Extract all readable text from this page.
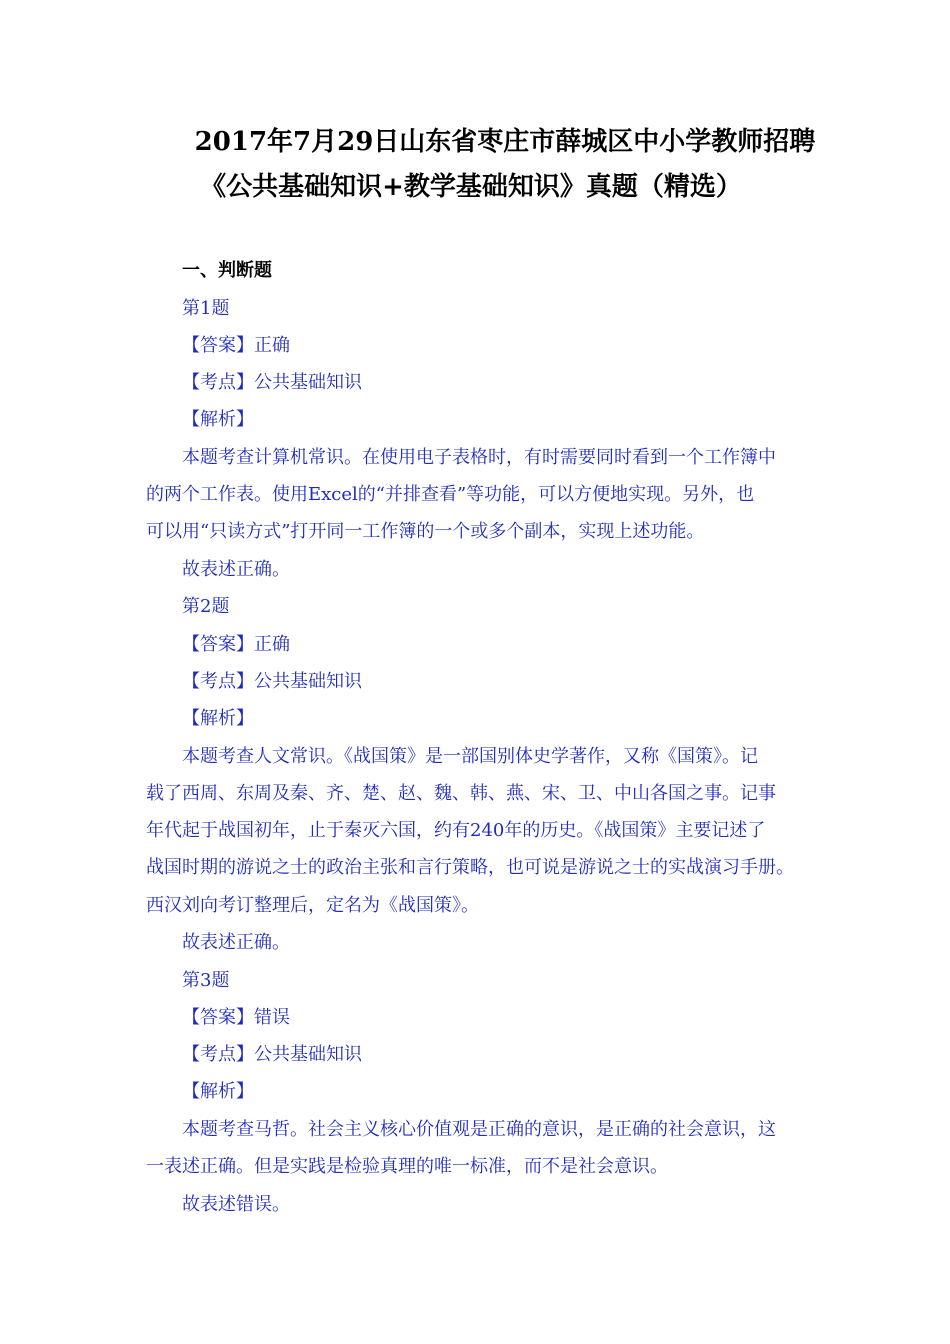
2017年7月29日山东省枣庄市薛城区中小学教师招聘
《公共基础知识+教学基础知识》真题（精选）
一、判断题
第1题
【答案】正确
【考点】公共基础知识
【解析】
本题考查计算机常识。在使用电子表格时，有时需要同时看到一个工作簿中
的两个工作表。使用Excel的“并排查看”等功能，可以方便地实现。另外，也
可以用“只读方式”打开同一工作簿的一个或多个副本，实现上述功能。
故表述正确。
第2题
【答案】正确
【考点】公共基础知识
【解析】
本题考查人文常识。《战国策》是一部国别体史学著作，又称《国策》。记
载了西周、东周及秦、齐、楚、赵、魏、韩、燕、宋、卫、中山各国之事。记事
年代起于战国初年，止于秦灭六国，约有240年的历史。《战国策》主要记述了
战国时期的游说之士的政治主张和言行策略，也可说是游说之士的实战演习手册。
西汉刘向考订整理后，定名为《战国策》。
故表述正确。
第3题
【答案】错误
【考点】公共基础知识
【解析】
本题考查马哲。社会主义核心价值观是正确的意识，是正确的社会意识，这
一表述正确。但是实践是检验真理的唯一标准，而不是社会意识。
故表述错误。
